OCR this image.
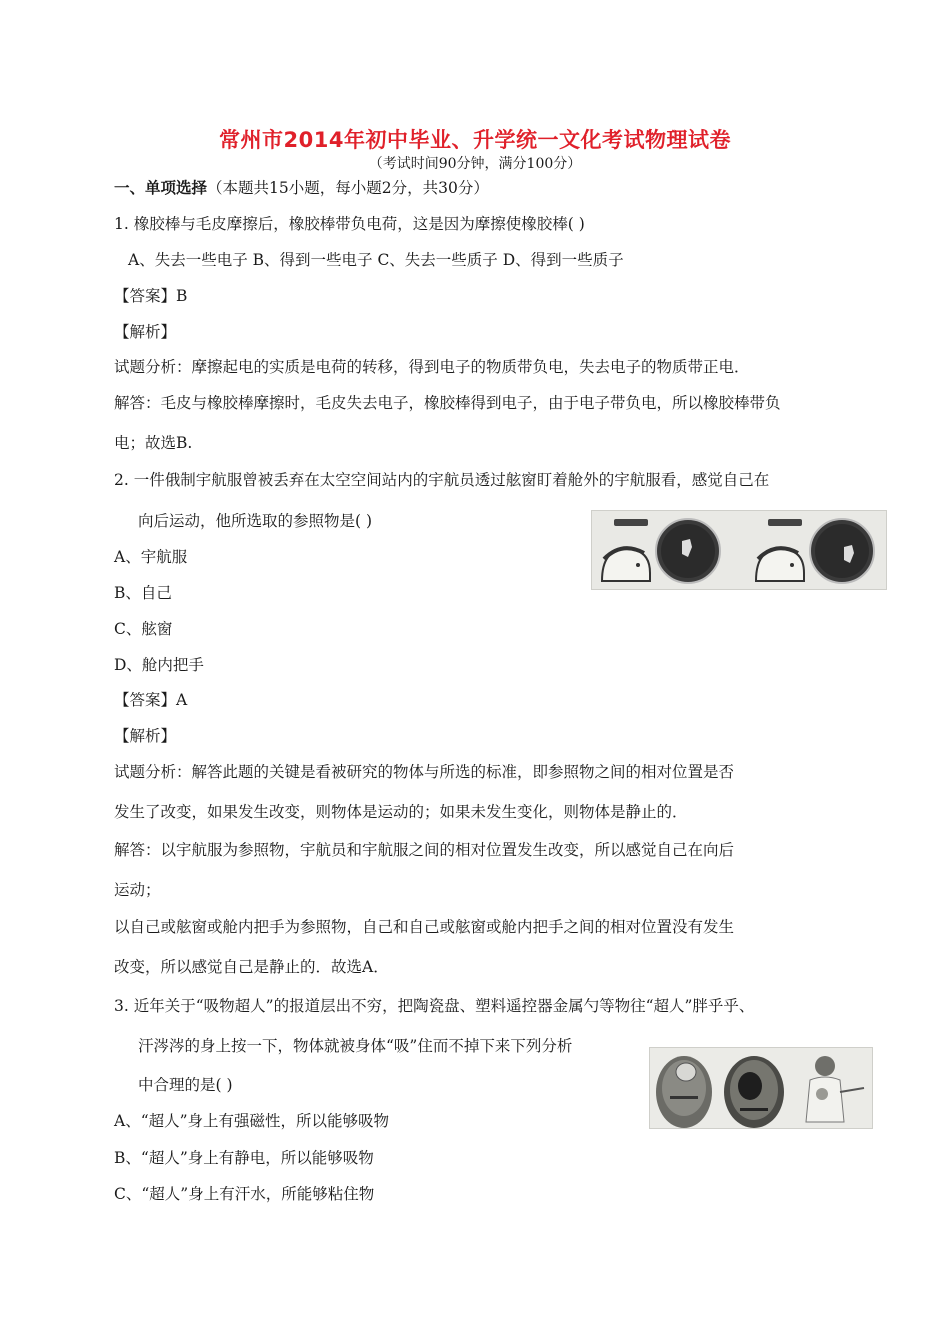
常州市2014年初中毕业、升学统一文化考试物理试卷
（考试时间90分钟，满分100分）
一、单项选择（本题共15小题，每小题2分，共30分）
1. 橡胶棒与毛皮摩擦后，橡胶棒带负电荷，这是因为摩擦使橡胶棒( )
A、失去一些电子 B、得到一些电子 C、失去一些质子 D、得到一些质子
【答案】B
【解析】
试题分析：摩擦起电的实质是电荷的转移，得到电子的物质带负电，失去电子的物质带正电．
解答：毛皮与橡胶棒摩擦时，毛皮失去电子，橡胶棒得到电子，由于电子带负电，所以橡胶棒带负
电；故选B.
2. 一件俄制宇航服曾被丢弃在太空空间站内的宇航员透过舷窗盯着舱外的宇航服看，感觉自己在
向后运动，他所选取的参照物是( )
A、宇航服
B、自己
C、舷窗
D、舱内把手
【答案】A
【解析】
试题分析：解答此题的关键是看被研究的物体与所选的标准，即参照物之间的相对位置是否
发生了改变，如果发生改变，则物体是运动的；如果未发生变化，则物体是静止的．
解答：以宇航服为参照物，宇航员和宇航服之间的相对位置发生改变，所以感觉自己在向后
运动；
以自己或舷窗或舱内把手为参照物，自己和自己或舷窗或舱内把手之间的相对位置没有发生
改变，所以感觉自己是静止的．故选A．
3. 近年关于“吸物超人”的报道层出不穷，把陶瓷盘、塑料遥控器金属勺等物往“超人”胖乎乎、
汗涔涔的身上按一下，物体就被身体“吸”住而不掉下来下列分析
中合理的是( )
A、“超人”身上有强磁性，所以能够吸物
B、“超人”身上有静电，所以能够吸物
C、“超人”身上有汗水，所能够粘住物
